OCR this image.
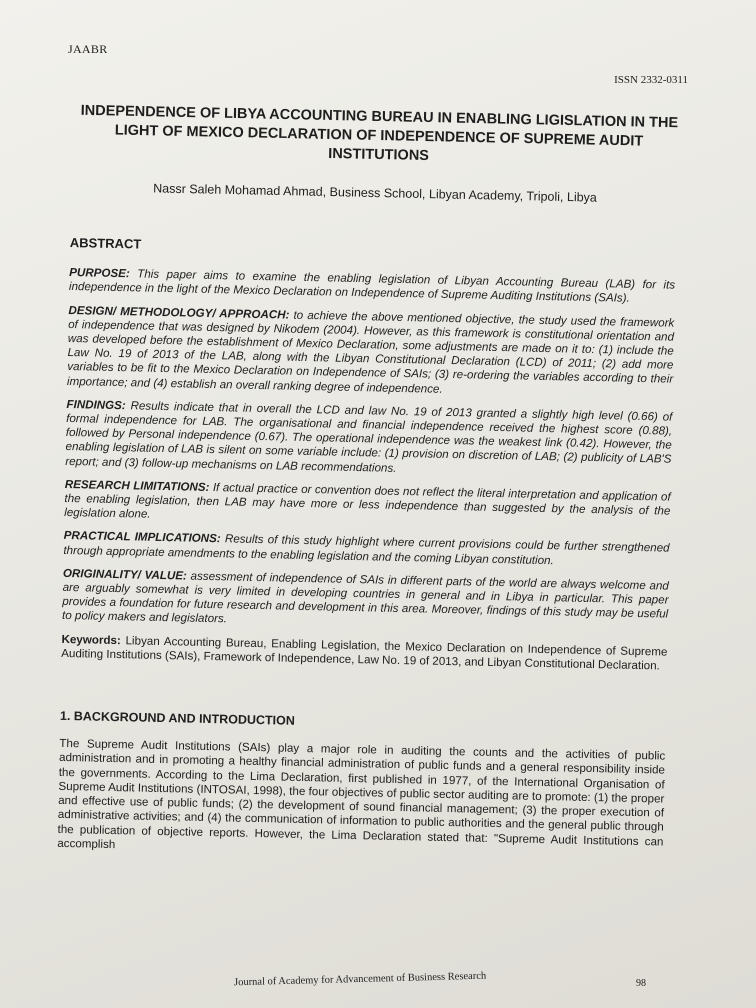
JAABR
ISSN 2332-0311
INDEPENDENCE OF LIBYA ACCOUNTING BUREAU IN ENABLING LIGISLATION IN THE LIGHT OF MEXICO DECLARATION OF INDEPENDENCE OF SUPREME AUDIT INSTITUTIONS
Nassr Saleh Mohamad Ahmad, Business School, Libyan Academy, Tripoli, Libya
ABSTRACT

PURPOSE: This paper aims to examine the enabling legislation of Libyan Accounting Bureau (LAB) for its independence in the light of the Mexico Declaration on Independence of Supreme Auditing Institutions (SAIs).

DESIGN/ METHODOLOGY/ APPROACH: to achieve the above mentioned objective, the study used the framework of independence that was designed by Nikodem (2004). However, as this framework is constitutional orientation and was developed before the establishment of Mexico Declaration, some adjustments are made on it to: (1) include the Law No. 19 of 2013 of the LAB, along with the Libyan Constitutional Declaration (LCD) of 2011; (2) add more variables to be fit to the Mexico Declaration on Independence of SAIs; (3) re-ordering the variables according to their importance; and (4) establish an overall ranking degree of independence.

FINDINGS: Results indicate that in overall the LCD and law No. 19 of 2013 granted a slightly high level (0.66) of formal independence for LAB. The organisational and financial independence received the highest score (0.88), followed by Personal independence (0.67). The operational independence was the weakest link (0.42). However, the enabling legislation of LAB is silent on some variable include: (1) provision on discretion of LAB; (2) publicity of LAB'S report; and (3) follow-up mechanisms on LAB recommendations.

RESEARCH LIMITATIONS: If actual practice or convention does not reflect the literal interpretation and application of the enabling legislation, then LAB may have more or less independence than suggested by the analysis of the legislation alone.

PRACTICAL IMPLICATIONS: Results of this study highlight where current provisions could be further strengthened through appropriate amendments to the enabling legislation and the coming Libyan constitution.

ORIGINALITY/ VALUE: assessment of independence of SAIs in different parts of the world are always welcome and are arguably somewhat is very limited in developing countries in general and in Libya in particular. This paper provides a foundation for future research and development in this area. Moreover, findings of this study may be useful to policy makers and legislators.

Keywords: Libyan Accounting Bureau, Enabling Legislation, the Mexico Declaration on Independence of Supreme Auditing Institutions (SAIs), Framework of Independence, Law No. 19 of 2013, and Libyan Constitutional Declaration.

1. BACKGROUND AND INTRODUCTION

The Supreme Audit Institutions (SAIs) play a major role in auditing the counts and the activities of public administration and in promoting a healthy financial administration of public funds and a general responsibility inside the governments. According to the Lima Declaration, first published in 1977, of the International Organisation of Supreme Audit Institutions (INTOSAI, 1998), the four objectives of public sector auditing are to promote: (1) the proper and effective use of public funds; (2) the development of sound financial management; (3) the proper execution of administrative activities; and (4) the communication of information to public authorities and the general public through the publication of objective reports. However, the Lima Declaration stated that: "Supreme Audit Institutions can accomplish

Journal of Academy for Advancement of Business Research	98
